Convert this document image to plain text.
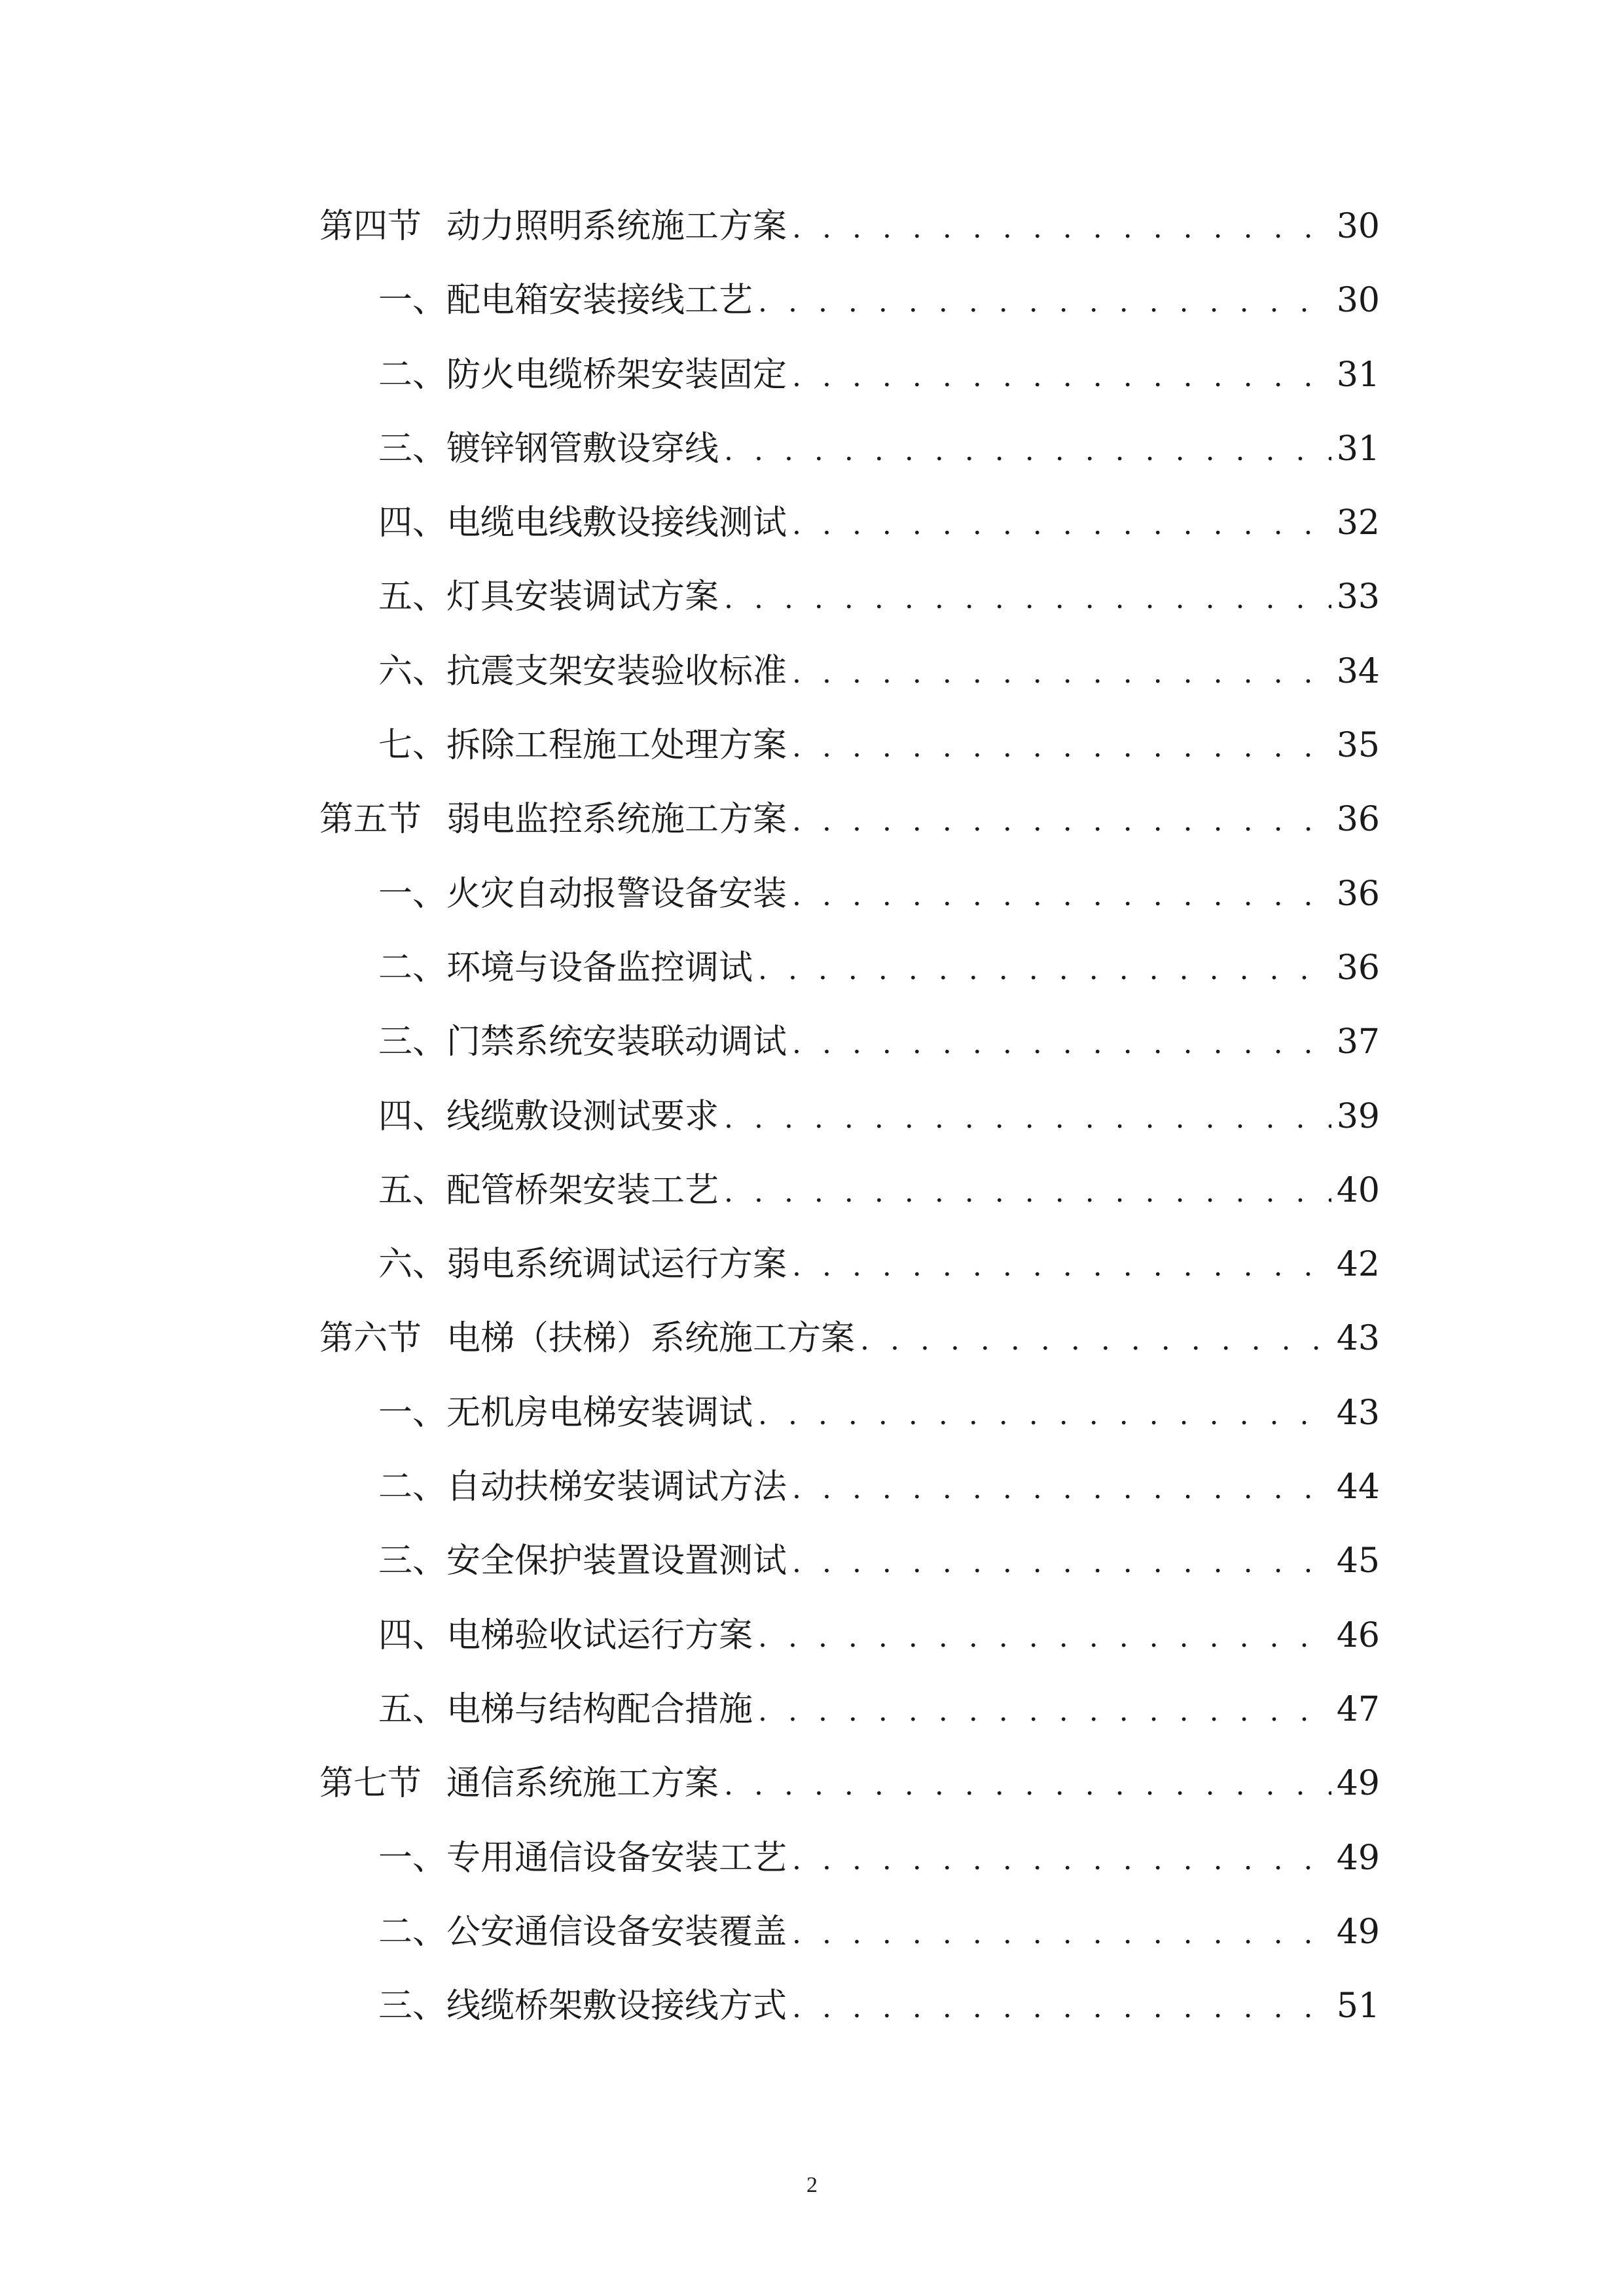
第四节 动力照明系统施工方案 . . .	30
一、配电箱安装接线工艺 . . .	30
二、防火电缆桥架安装固定 . . .	31
三、镀锌钢管敷设穿线 . . .	31
四、电缆电线敷设接线测试 . . .	32
五、灯具安装调试方案 . . .	33
六、抗震支架安装验收标准 . . .	34
七、拆除工程施工处理方案 . . .	35
第五节 弱电监控系统施工方案 . . .	36
一、火灾自动报警设备安装 . . .	36
二、环境与设备监控调试 . . .	36
三、门禁系统安装联动调试 . . .	37
四、线缆敷设测试要求 . . .	39
五、配管桥架安装工艺 . . .	40
六、弱电系统调试运行方案 . . .	42
第六节 电梯（扶梯）系统施工方案 . . .	43
一、无机房电梯安装调试 . . .	43
二、自动扶梯安装调试方法 . . .	44
三、安全保护装置设置测试 . . .	45
四、电梯验收试运行方案 . . .	46
五、电梯与结构配合措施 . . .	47
第七节 通信系统施工方案 . . .	49
一、专用通信设备安装工艺 . . .	49
二、公安通信设备安装覆盖 . . .	49
三、线缆桥架敷设接线方式 . . .	51
2
